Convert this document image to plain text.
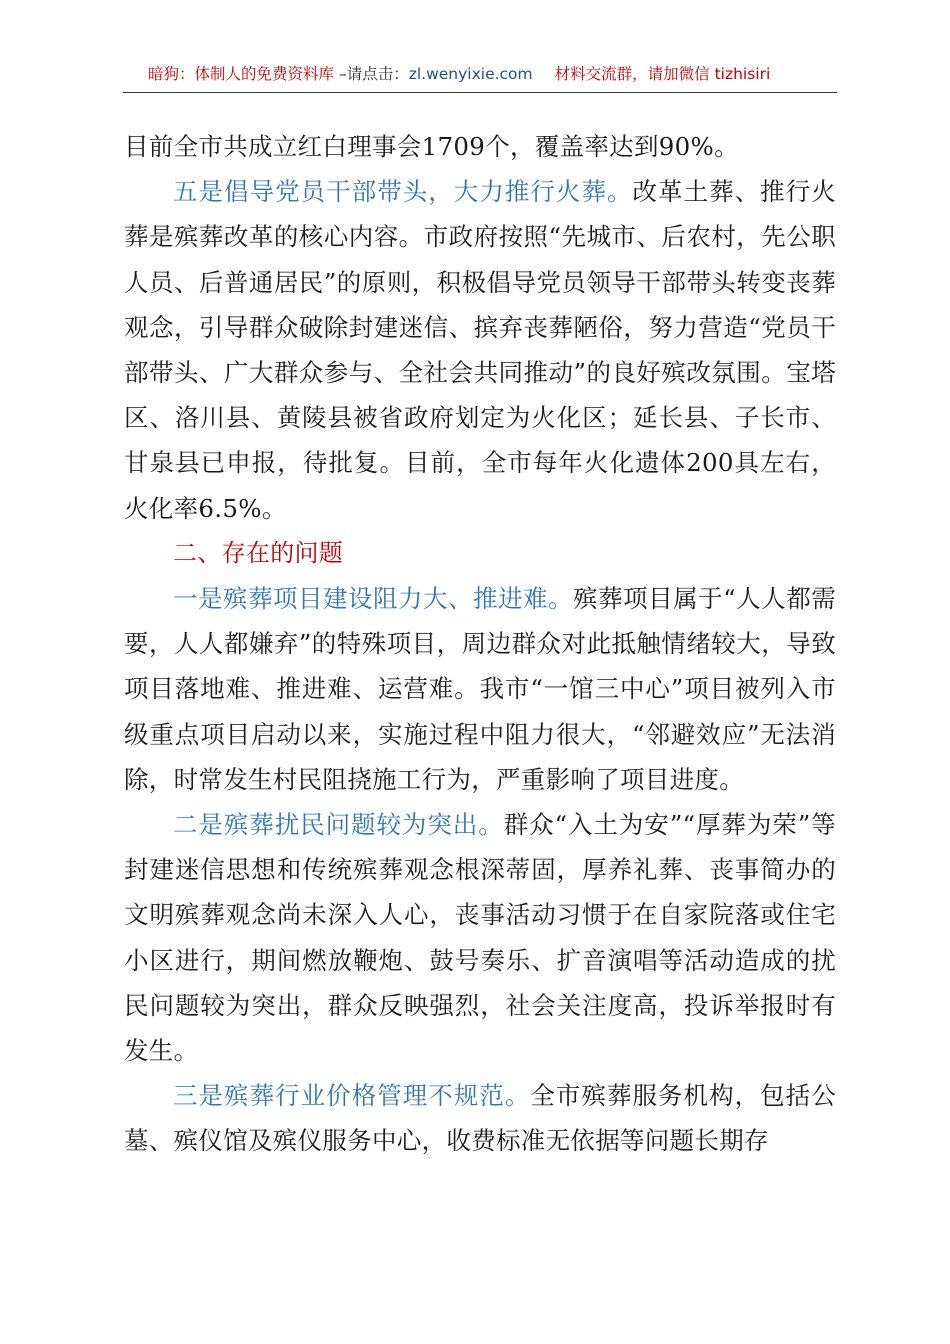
暗狗：体制人的免费资料库 –请点击：zl.wenyixie.com 材料交流群，请加微信 tizhisiri

目前全市共成立红白理事会1709个，覆盖率达到90%。

五是倡导党员干部带头，大力推行火葬。改革土葬、推行火葬是殡葬改革的核心内容。市政府按照“先城市、后农村，先公职人员、后普通居民”的原则，积极倡导党员领导干部带头转变丧葬观念，引导群众破除封建迷信、摈弃丧葬陋俗，努力营造“党员干部带头、广大群众参与、全社会共同推动”的良好殡改氛围。宝塔区、洛川县、黄陵县被省政府划定为火化区；延长县、子长市、甘泉县已申报，待批复。目前，全市每年火化遗体200具左右，火化率6.5%。

二、存在的问题

一是殡葬项目建设阻力大、推进难。殡葬项目属于“人人都需要，人人都嫌弃”的特殊项目，周边群众对此抵触情绪较大，导致项目落地难、推进难、运营难。我市“一馆三中心”项目被列入市级重点项目启动以来，实施过程中阻力很大，“邻避效应”无法消除，时常发生村民阻挠施工行为，严重影响了项目进度。

二是殡葬扰民问题较为突出。群众“入土为安”“厚葬为荣”等封建迷信思想和传统殡葬观念根深蒂固，厚养礼葬、丧事简办的文明殡葬观念尚未深入人心，丧事活动习惯于在自家院落或住宅小区进行，期间燃放鞭炮、鼓号奏乐、扩音演唱等活动造成的扰民问题较为突出，群众反映强烈，社会关注度高，投诉举报时有发生。

三是殡葬行业价格管理不规范。全市殡葬服务机构，包括公墓、殡仪馆及殡仪服务中心，收费标准无依据等问题长期存
